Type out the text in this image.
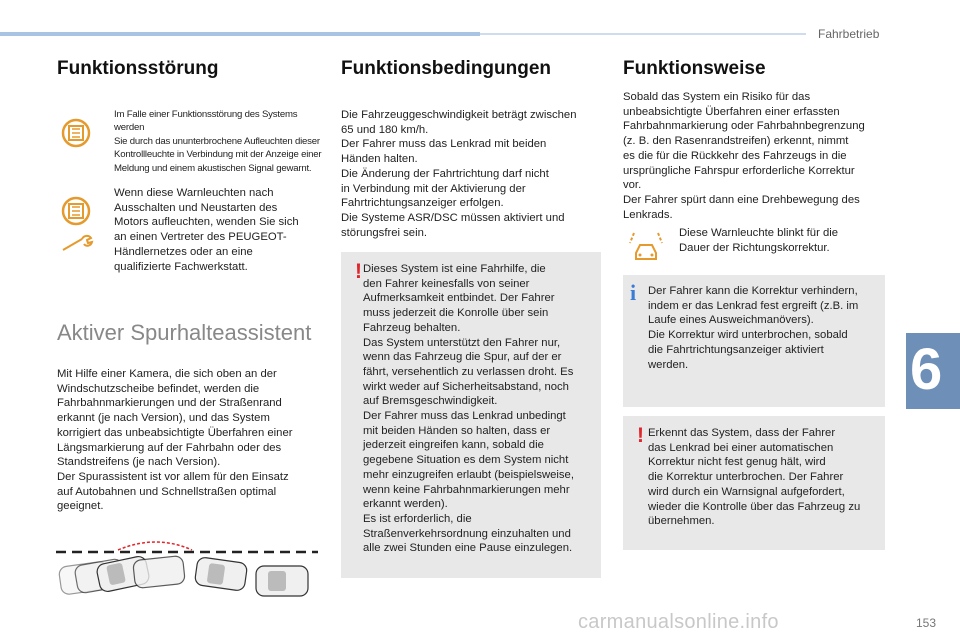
Fahrbetrieb
6
Funktionsstörung

Im Falle einer Funktionsstörung des Systems werden
Sie durch das ununterbrochene Aufleuchten dieser
Kontrollleuchte in Verbindung mit der Anzeige einer
Meldung und einem akustischen Signal gewarnt.

Wenn diese Warnleuchten nach
Ausschalten und Neustarten des
Motors aufleuchten, wenden Sie sich
an einen Vertreter des PEUGEOT-
Händlernetzes oder an eine
qualifizierte Fachwerkstatt.

Aktiver Spurhalteassistent

Mit Hilfe einer Kamera, die sich oben an der
Windschutzscheibe befindet, werden die
Fahrbahnmarkierungen und der Straßenrand
erkannt (je nach Version), und das System
korrigiert das unbeabsichtigte Überfahren einer
Längsmarkierung auf der Fahrbahn oder des
Standstreifens (je nach Version).
Der Spurassistent ist vor allem für den Einsatz
auf Autobahnen und Schnellstraßen optimal
geeignet.

Funktionsbedingungen

Die Fahrzeuggeschwindigkeit beträgt zwischen
65 und 180 km/h.
Der Fahrer muss das Lenkrad mit beiden
Händen halten.
Die Änderung der Fahrtrichtung darf nicht
in Verbindung mit der Aktivierung der
Fahrtrichtungsanzeiger erfolgen.
Die Systeme ASR/DSC müssen aktiviert und
störungsfrei sein.

! Dieses System ist eine Fahrhilfe, die
den Fahrer keinesfalls von seiner
Aufmerksamkeit entbindet. Der Fahrer
muss jederzeit die Konrolle über sein
Fahrzeug behalten.
Das System unterstützt den Fahrer nur,
wenn das Fahrzeug die Spur, auf der er
fährt, versehentlich zu verlassen droht. Es
wirkt weder auf Sicherheitsabstand, noch
auf Bremsgeschwindigkeit.
Der Fahrer muss das Lenkrad unbedingt
mit beiden Händen so halten, dass er
jederzeit eingreifen kann, sobald die
gegebene Situation es dem System nicht
mehr einzugreifen erlaubt (beispielsweise,
wenn keine Fahrbahnmarkierungen mehr
erkannt werden).
Es ist erforderlich, die
Straßenverkehrsordnung einzuhalten und
alle zwei Stunden eine Pause einzulegen.

Funktionsweise

Sobald das System ein Risiko für das
unbeabsichtigte Überfahren einer erfassten
Fahrbahnmarkierung oder Fahrbahnbegrenzung
(z. B. den Rasenrandstreifen) erkennt, nimmt
es die für die Rückkehr des Fahrzeugs in die
ursprüngliche Fahrspur erforderliche Korrektur
vor.
Der Fahrer spürt dann eine Drehbewegung des
Lenkrads.

Diese Warnleuchte blinkt für die
Dauer der Richtungskorrektur.

i Der Fahrer kann die Korrektur verhindern,
indem er das Lenkrad fest ergreift (z.B. im
Laufe eines Ausweichmanövers).
Die Korrektur wird unterbrochen, sobald
die Fahrtrichtungsanzeiger aktiviert
werden.

! Erkennt das System, dass der Fahrer
das Lenkrad bei einer automatischen
Korrektur nicht fest genug hält, wird
die Korrektur unterbrochen. Der Fahrer
wird durch ein Warnsignal aufgefordert,
wieder die Kontrolle über das Fahrzeug zu
übernehmen.

carmanualsonline.info	153
